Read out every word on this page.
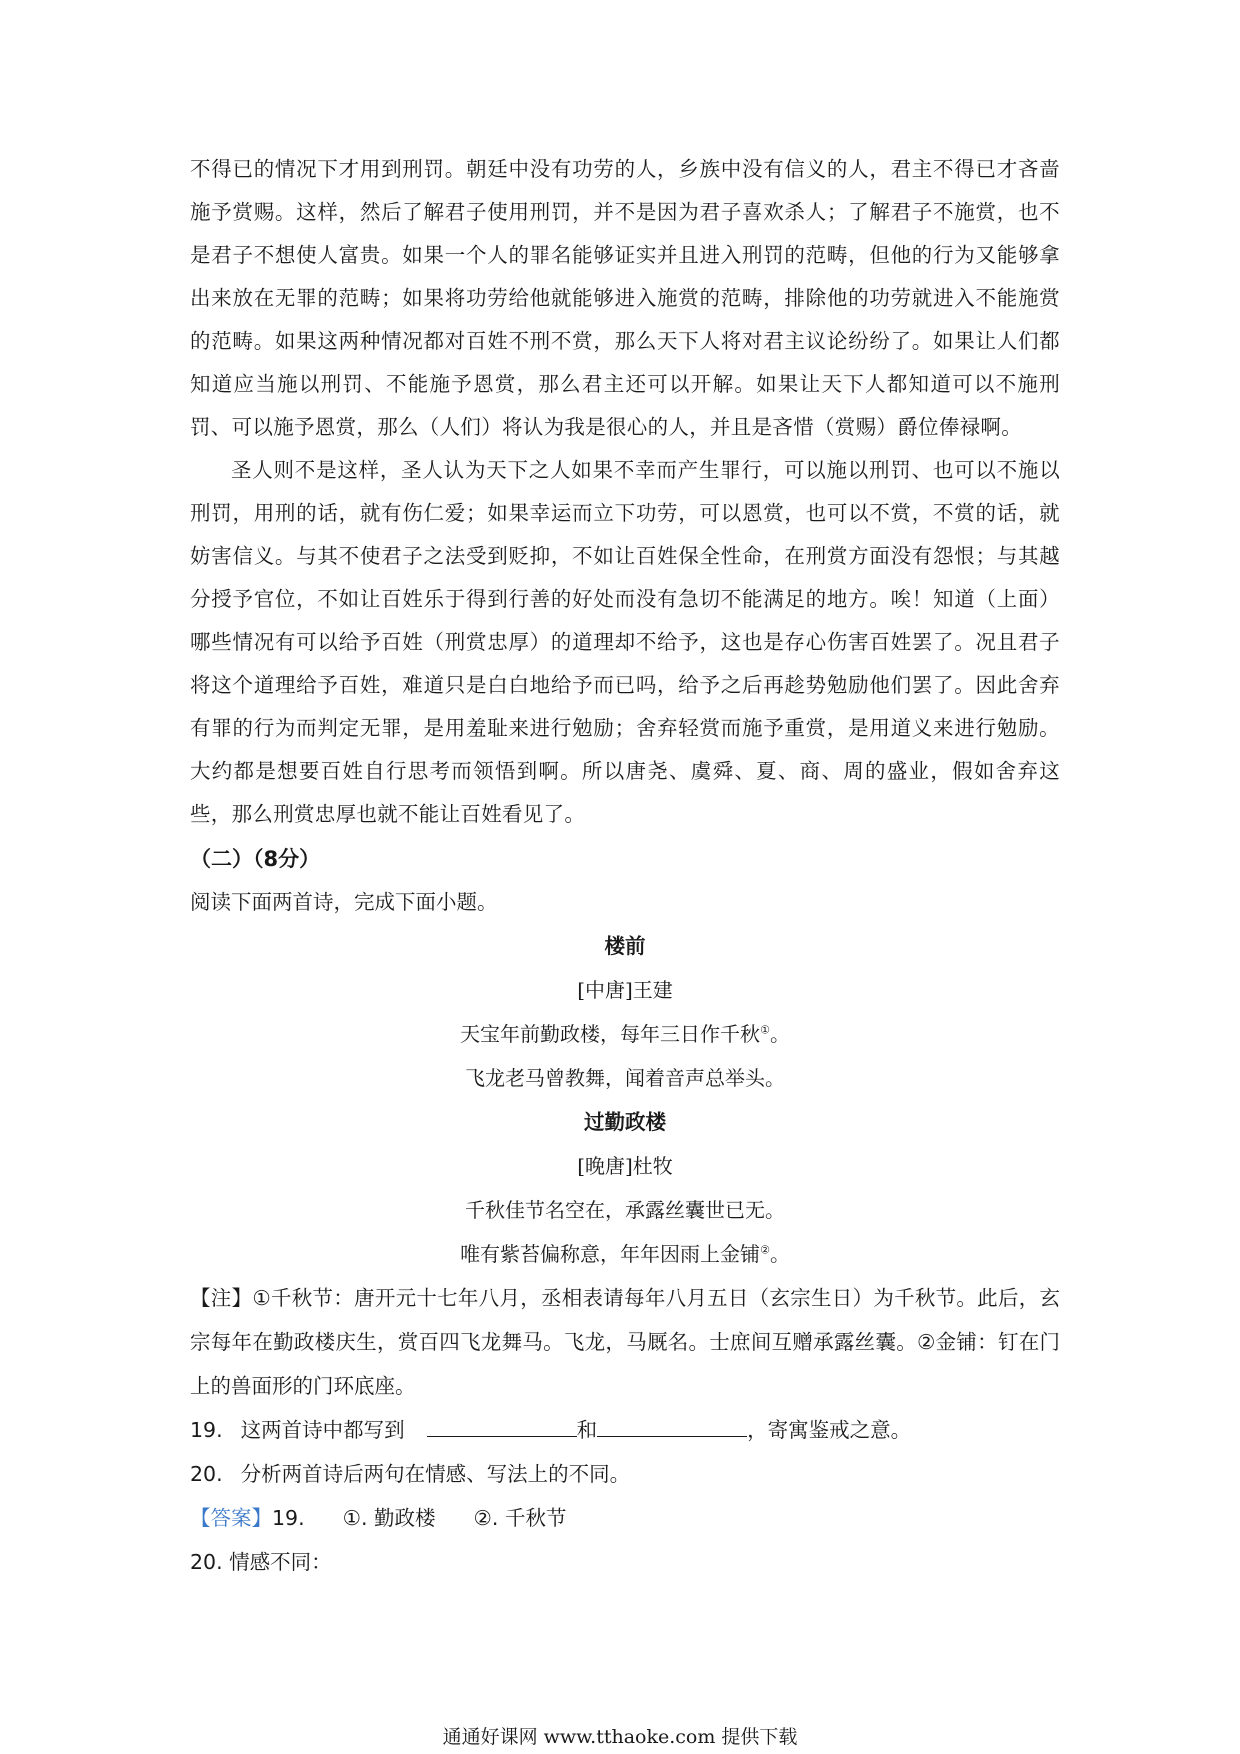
不得已的情况下才用到刑罚。朝廷中没有功劳的人，乡族中没有信义的人，君主不得已才吝啬施予赏赐。这样，然后了解君子使用刑罚，并不是因为君子喜欢杀人；了解君子不施赏，也不是君子不想使人富贵。如果一个人的罪名能够证实并且进入刑罚的范畴，但他的行为又能够拿出来放在无罪的范畴；如果将功劳给他就能够进入施赏的范畴，排除他的功劳就进入不能施赏的范畴。如果这两种情况都对百姓不刑不赏，那么天下人将对君主议论纷纷了。如果让人们都知道应当施以刑罚、不能施予恩赏，那么君主还可以开解。如果让天下人都知道可以不施刑罚、可以施予恩赏，那么（人们）将认为我是很心的人，并且是吝惜（赏赐）爵位俸禄啊。

圣人则不是这样，圣人认为天下之人如果不幸而产生罪行，可以施以刑罚、也可以不施以刑罚，用刑的话，就有伤仁爱；如果幸运而立下功劳，可以恩赏，也可以不赏，不赏的话，就妨害信义。与其不使君子之法受到贬抑，不如让百姓保全性命，在刑赏方面没有怨恨；与其越分授予官位，不如让百姓乐于得到行善的好处而没有急切不能满足的地方。唉！知道（上面）哪些情况有可以给予百姓（刑赏忠厚）的道理却不给予，这也是存心伤害百姓罢了。况且君子将这个道理给予百姓，难道只是白白地给予而已吗，给予之后再趁势勉励他们罢了。因此舍弃有罪的行为而判定无罪，是用羞耻来进行勉励；舍弃轻赏而施予重赏，是用道义来进行勉励。大约都是想要百姓自行思考而领悟到啊。所以唐尧、虞舜、夏、商、周的盛业，假如舍弃这些，那么刑赏忠厚也就不能让百姓看见了。

（二）（8分）
阅读下面两首诗，完成下面小题。
楼前
[中唐]王建
天宝年前勤政楼，每年三日作千秋①。
飞龙老马曾教舞，闻着音声总举头。
过勤政楼
[晚唐]杜牧
千秋佳节名空在，承露丝囊世已无。
唯有紫苔偏称意，年年因雨上金铺②。

【注】①千秋节：唐开元十七年八月，丞相表请每年八月五日（玄宗生日）为千秋节。此后，玄宗每年在勤政楼庆生，赏百四飞龙舞马。飞龙，马厩名。士庶间互赠承露丝囊。②金铺：钉在门上的兽面形的门环底座。

19. 这两首诗中都写到	和	，寄寓鉴戒之意。

20. 分析两首诗后两句在情感、写法上的不同。

【答案】19. ①. 勤政楼 ②. 千秋节

20. 情感不同：

通通好课网 www.tthaoke.com 提供下载
